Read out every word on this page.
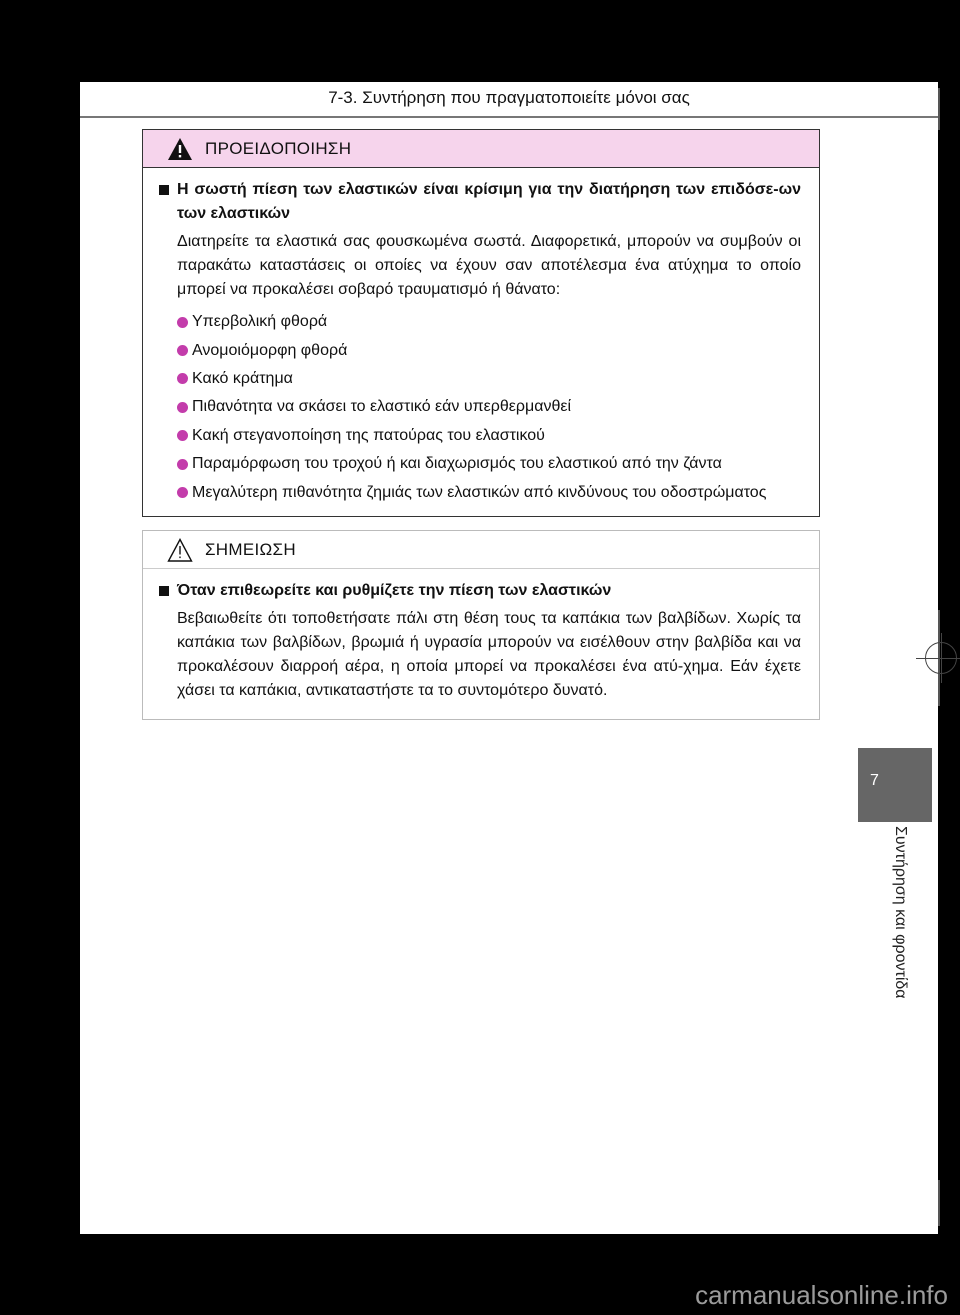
7-3. Συντήρηση που πραγματοποιείτε μόνοι σας
ΠΡΟΕΙΔΟΠΟΙΗΣΗ
Η σωστή πίεση των ελαστικών είναι κρίσιμη για την διατήρηση των επιδόσε-ων των ελαστικών
Διατηρείτε τα ελαστικά σας φουσκωμένα σωστά. Διαφορετικά, μπορούν να συμβούν οι παρακάτω καταστάσεις οι οποίες να έχουν σαν αποτέλεσμα ένα ατύχημα το οποίο μπορεί να προκαλέσει σοβαρό τραυματισμό ή θάνατο:
Υπερβολική φθορά
Ανομοιόμορφη φθορά
Κακό κράτημα
Πιθανότητα να σκάσει το ελαστικό εάν υπερθερμανθεί
Κακή στεγανοποίηση της πατούρας του ελαστικού
Παραμόρφωση του τροχού ή και διαχωρισμός του ελαστικού από την ζάντα
Μεγαλύτερη πιθανότητα ζημιάς των ελαστικών από κινδύνους του οδοστρώματος
ΣΗΜΕΙΩΣΗ
Όταν επιθεωρείτε και ρυθμίζετε την πίεση των ελαστικών
Βεβαιωθείτε ότι τοποθετήσατε πάλι στη θέση τους τα καπάκια των βαλβίδων. Χωρίς τα καπάκια των βαλβίδων, βρωμιά ή υγρασία μπορούν να εισέλθουν στην βαλβίδα και να προκαλέσουν διαρροή αέρα, η οποία μπορεί να προκαλέσει ένα ατύ-χημα. Εάν έχετε χάσει τα καπάκια, αντικαταστήστε τα το συντομότερο δυνατό.
7
Συντήρηση και φροντίδα
carmanualsonline.info
